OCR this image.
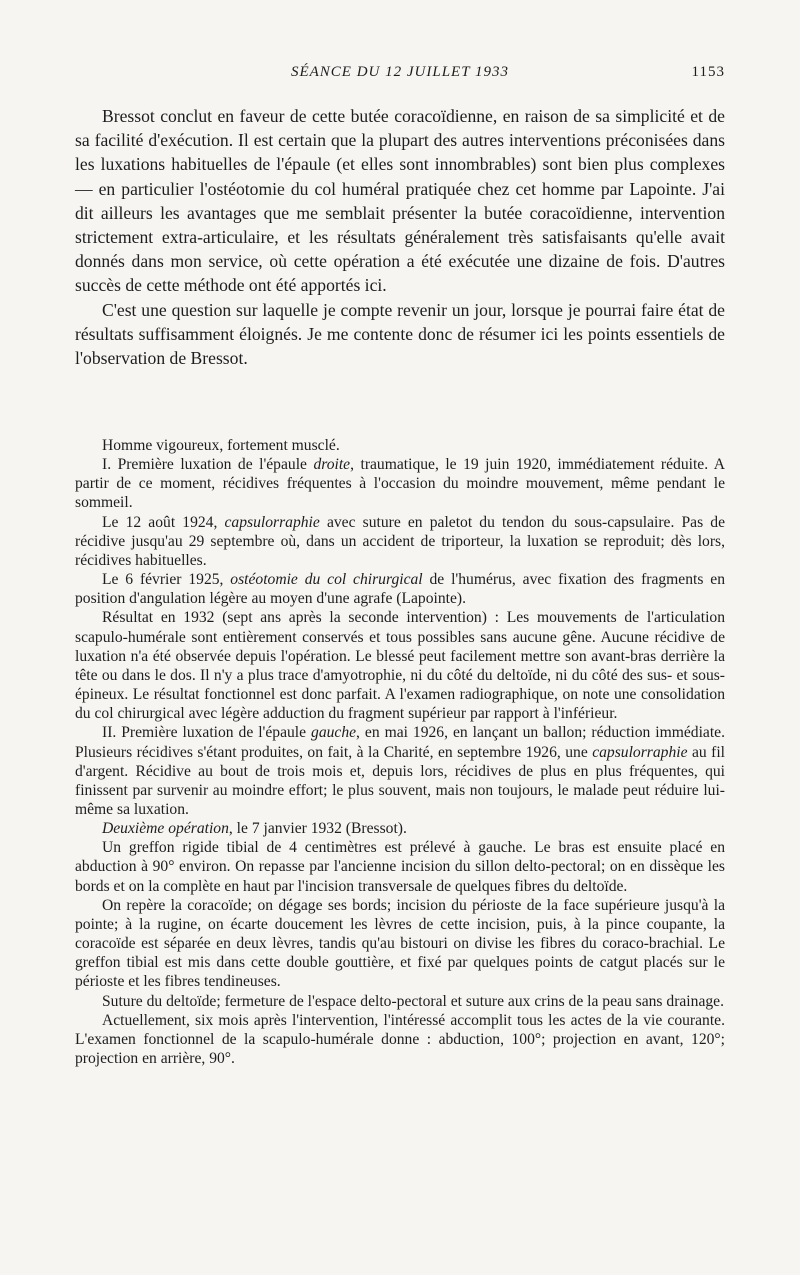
SÉANCE DU 12 JUILLET 1933	1153

Bressot conclut en faveur de cette butée coracoïdienne, en raison de sa simplicité et de sa facilité d'exécution. Il est certain que la plupart des autres interventions préconisées dans les luxations habituelles de l'épaule (et elles sont innombrables) sont bien plus complexes — en particulier l'ostéotomie du col huméral pratiquée chez cet homme par Lapointe. J'ai dit ailleurs les avantages que me semblait présenter la butée coracoïdienne, intervention strictement extra-articulaire, et les résultats généralement très satisfaisants qu'elle avait donnés dans mon service, où cette opération a été exécutée une dizaine de fois. D'autres succès de cette méthode ont été apportés ici.

C'est une question sur laquelle je compte revenir un jour, lorsque je pourrai faire état de résultats suffisamment éloignés. Je me contente donc de résumer ici les points essentiels de l'observation de Bressot.

Homme vigoureux, fortement musclé.

I. Première luxation de l'épaule droite, traumatique, le 19 juin 1920, immédiatement réduite. A partir de ce moment, récidives fréquentes à l'occasion du moindre mouvement, même pendant le sommeil.

Le 12 août 1924, capsulorraphie avec suture en paletot du tendon du sous-capsulaire. Pas de récidive jusqu'au 29 septembre où, dans un accident de triporteur, la luxation se reproduit; dès lors, récidives habituelles.

Le 6 février 1925, ostéotomie du col chirurgical de l'humérus, avec fixation des fragments en position d'angulation légère au moyen d'une agrafe (Lapointe).

Résultat en 1932 (sept ans après la seconde intervention) : Les mouvements de l'articulation scapulo-humérale sont entièrement conservés et tous possibles sans aucune gêne. Aucune récidive de luxation n'a été observée depuis l'opération. Le blessé peut facilement mettre son avant-bras derrière la tête ou dans le dos. Il n'y a plus trace d'amyotrophie, ni du côté du deltoïde, ni du côté des sus- et sous-épineux. Le résultat fonctionnel est donc parfait. A l'examen radiographique, on note une consolidation du col chirurgical avec légère adduction du fragment supérieur par rapport à l'inférieur.

II. Première luxation de l'épaule gauche, en mai 1926, en lançant un ballon; réduction immédiate. Plusieurs récidives s'étant produites, on fait, à la Charité, en septembre 1926, une capsulorraphie au fil d'argent. Récidive au bout de trois mois et, depuis lors, récidives de plus en plus fréquentes, qui finissent par survenir au moindre effort; le plus souvent, mais non toujours, le malade peut réduire lui-même sa luxation.

Deuxième opération, le 7 janvier 1932 (Bressot).

Un greffon rigide tibial de 4 centimètres est prélevé à gauche. Le bras est ensuite placé en abduction à 90° environ. On repasse par l'ancienne incision du sillon delto-pectoral; on en dissèque les bords et on la complète en haut par l'incision transversale de quelques fibres du deltoïde.

On repère la coracoïde; on dégage ses bords; incision du périoste de la face supérieure jusqu'à la pointe; à la rugine, on écarte doucement les lèvres de cette incision, puis, à la pince coupante, la coracoïde est séparée en deux lèvres, tandis qu'au bistouri on divise les fibres du coraco-brachial. Le greffon tibial est mis dans cette double gouttière, et fixé par quelques points de catgut placés sur le périoste et les fibres tendineuses.

Suture du deltoïde; fermeture de l'espace delto-pectoral et suture aux crins de la peau sans drainage.

Actuellement, six mois après l'intervention, l'intéressé accomplit tous les actes de la vie courante. L'examen fonctionnel de la scapulo-humérale donne : abduction, 100°; projection en avant, 120°; projection en arrière, 90°.
